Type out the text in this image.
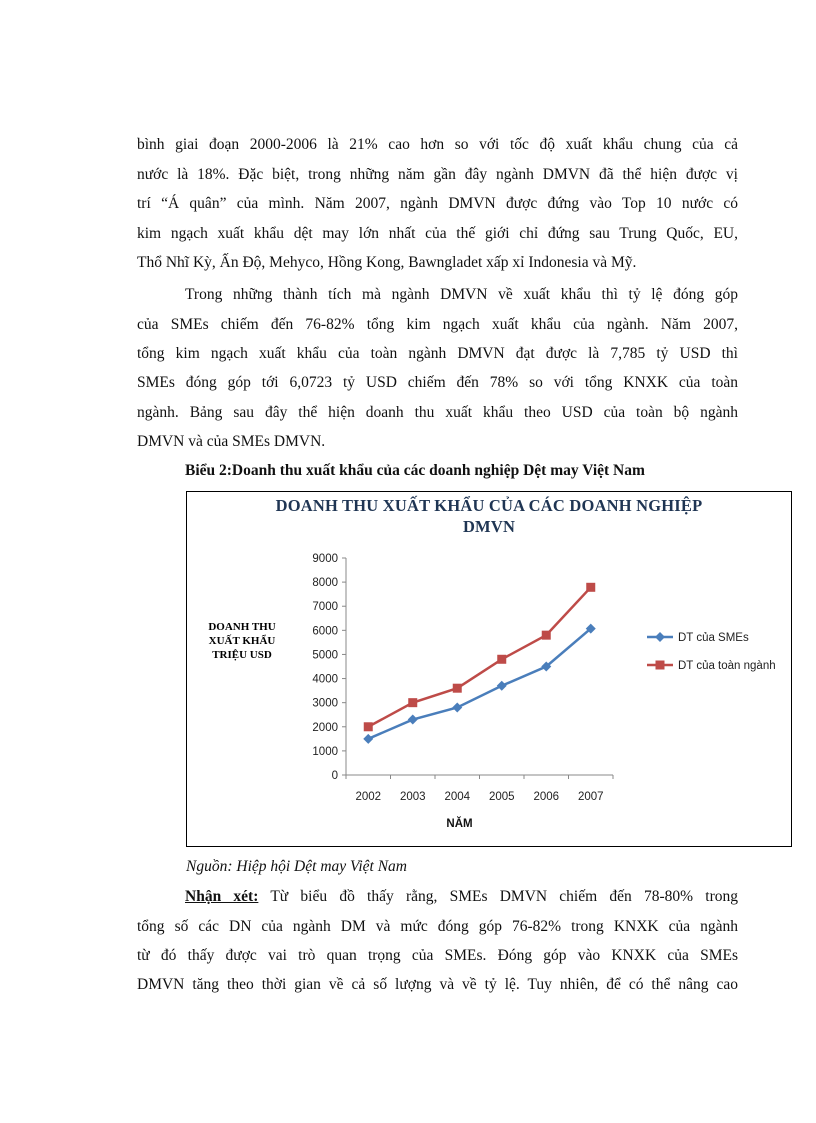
bình giai đoạn 2000-2006 là 21% cao hơn so với tốc độ xuất khẩu chung của cả
nước là 18%. Đặc biệt, trong những năm gần đây ngành DMVN đã thể hiện được vị
trí “Á quân” của mình. Năm 2007, ngành DMVN được đứng vào Top 10 nước có
kim ngạch xuất khẩu dệt may lớn nhất của thế giới chỉ đứng sau Trung Quốc, EU,
Thổ Nhĩ Kỳ, Ấn Độ, Mehyco, Hồng Kong, Bawngladet xấp xỉ Indonesia và Mỹ.
Trong những thành tích mà ngành DMVN về xuất khẩu thì tỷ lệ đóng góp
của SMEs chiếm đến 76-82% tổng kim ngạch xuất khẩu của ngành. Năm 2007,
tổng kim ngạch xuất khẩu của toàn ngành DMVN đạt được là 7,785 tỷ USD thì
SMEs đóng góp tới 6,0723 tỷ USD chiếm đến 78% so với tổng KNXK của toàn
ngành. Bảng sau đây thể hiện doanh thu xuất khẩu theo USD của toàn bộ ngành
DMVN và của SMEs DMVN.
Biểu 2:Doanh thu xuất khẩu của các doanh nghiệp Dệt may Việt Nam
DOANH THU XUẤT KHẨU CỦA CÁC DOANH NGHIỆP
DMVN
DOANH THU
XUẤT KHẨU
TRIỆU USD
0
1000
2000
3000
4000
5000
6000
7000
8000
9000
2002 2003 2004 2005 2006 2007
NĂM
DT của SMEs
DT của toàn ngành
Nguồn: Hiệp hội Dệt may Việt Nam
Nhận xét: Từ biểu đồ thấy rằng, SMEs DMVN chiếm đến 78-80% trong
tổng số các DN của ngành DM và mức đóng góp 76-82% trong KNXK của ngành
từ đó thấy được vai trò quan trọng của SMEs. Đóng góp vào KNXK của SMEs
DMVN tăng theo thời gian về cả số lượng và về tỷ lệ. Tuy nhiên, để có thể nâng cao
